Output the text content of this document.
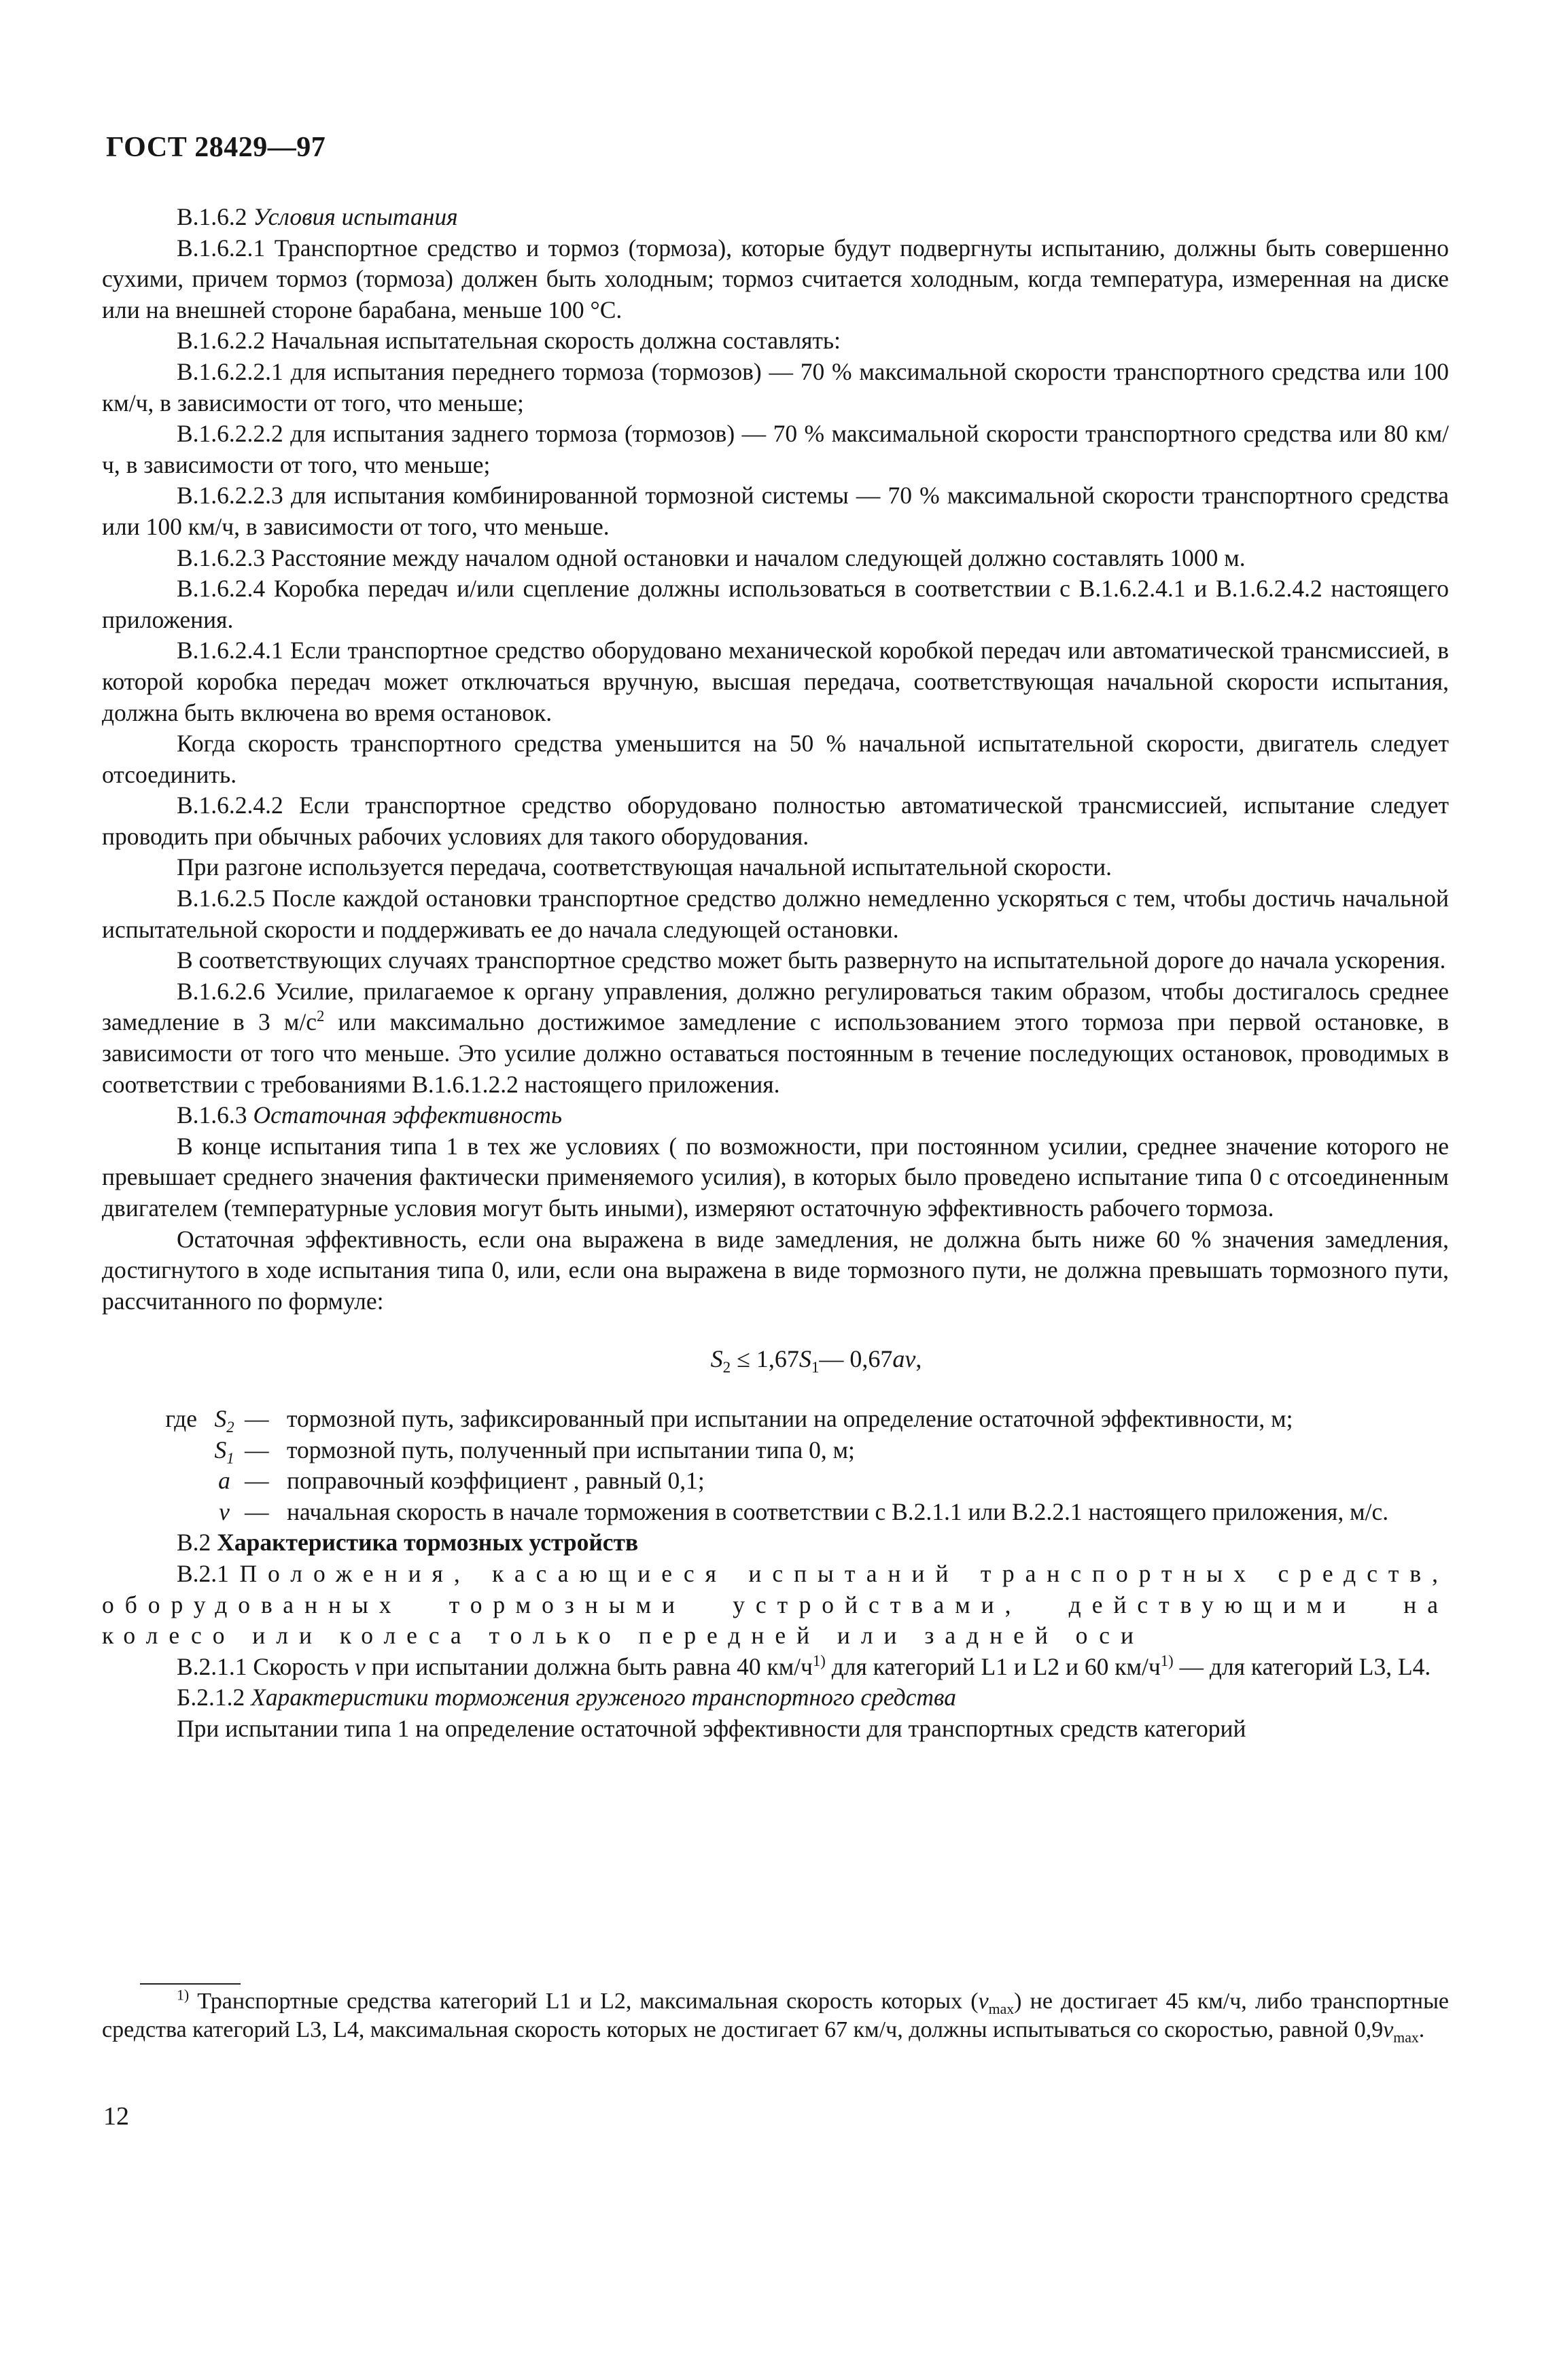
ГОСТ 28429—97

В.1.6.2 Условия испытания

В.1.6.2.1 Транспортное средство и тормоз (тормоза), которые будут подвергнуты испытанию, должны быть совершенно сухими, причем тормоз (тормоза) должен быть холодным; тормоз считается холодным, когда температура, измеренная на диске или на внешней стороне барабана, меньше 100 °С.

В.1.6.2.2 Начальная испытательная скорость должна составлять:

В.1.6.2.2.1 для испытания переднего тормоза (тормозов) — 70 % максимальной скорости транспортного средства или 100 км/ч, в зависимости от того, что меньше;

В.1.6.2.2.2 для испытания заднего тормоза (тормозов) — 70 % максимальной скорости транспортного средства или 80 км/ч, в зависимости от того, что меньше;

В.1.6.2.2.3 для испытания комбинированной тормозной системы — 70 % максимальной скорости транспортного средства или 100 км/ч, в зависимости от того, что меньше.

В.1.6.2.3 Расстояние между началом одной остановки и началом следующей должно составлять 1000 м.

В.1.6.2.4 Коробка передач и/или сцепление должны использоваться в соответствии с В.1.6.2.4.1 и В.1.6.2.4.2 настоящего приложения.

В.1.6.2.4.1 Если транспортное средство оборудовано механической коробкой передач или автоматической трансмиссией, в которой коробка передач может отключаться вручную, высшая передача, соответствующая начальной скорости испытания, должна быть включена во время остановок.

Когда скорость транспортного средства уменьшится на 50 % начальной испытательной скорости, двигатель следует отсоединить.

В.1.6.2.4.2 Если транспортное средство оборудовано полностью автоматической трансмиссией, испытание следует проводить при обычных рабочих условиях для такого оборудования.

При разгоне используется передача, соответствующая начальной испытательной скорости.

В.1.6.2.5 После каждой остановки транспортное средство должно немедленно ускоряться с тем, чтобы достичь начальной испытательной скорости и поддерживать ее до начала следующей остановки.

В соответствующих случаях транспортное средство может быть развернуто на испытательной дороге до начала ускорения.

В.1.6.2.6 Усилие, прилагаемое к органу управления, должно регулироваться таким образом, чтобы достигалось среднее замедление в 3 $м/с^2$ или максимально достижимое замедление с использованием этого тормоза при первой остановке, в зависимости от того что меньше. Это усилие должно оставаться постоянным в течение последующих остановок, проводимых в соответствии с требованиями В.1.6.1.2.2 настоящего приложения.

В.1.6.3 Остаточная эффективность

В конце испытания типа 1 в тех же условиях ( по возможности, при постоянном усилии, среднее значение которого не превышает среднего значения фактически применяемого усилия), в которых было проведено испытание типа 0 с отсоединенным двигателем (температурные условия могут быть иными), измеряют остаточную эффективность рабочего тормоза.

Остаточная эффективность, если она выражена в виде замедления, не должна быть ниже 60 % значения замедления, достигнутого в ходе испытания типа 0, или, если она выражена в виде тормозного пути, не должна превышать тормозного пути, рассчитанного по формуле:

$S_2$ ≤ $1,67S_1—$ 0,67av,
где $S_2$ — тормозной путь, зафиксированный при испытании на определение остаточной эффективности, м;
$S_1$ — тормозной путь, полученный при испытании типа 0, м;
a — поправочный коэффициент , равный 0,1;
v — начальная скорость в начале торможения в соответствии с В.2.1.1 или В.2.2.1 настоящего приложения, м/с.

В.2 Характеристика тормозных устройств

В.2.1 Положения, касающиеся испытаний транспортных средств, оборудованных тормозными устройствами, действующими на колесо или колеса только передней или задней оси

В.2.1.1 Скорость v при испытании должна быть равна 40 $км/ч^{1)}$ для категорий L1 и L2 и 60 $км/ч^{1)}$ — для категорий L3, L4.

Б.2.1.2 Характеристики торможения груженого транспортного средства

При испытании типа 1 на определение остаточной эффективности для транспортных средств категорий

$^{1)}$ Транспортные средства категорий L1 и L2, максимальная скорость которых $(v_{max})$ не достигает 45 км/ч, либо транспортные средства категорий L3, L4, максимальная скорость которых не достигает 67 км/ч, должны испытываться со скоростью, равной $0,9v_{max}$.

12
